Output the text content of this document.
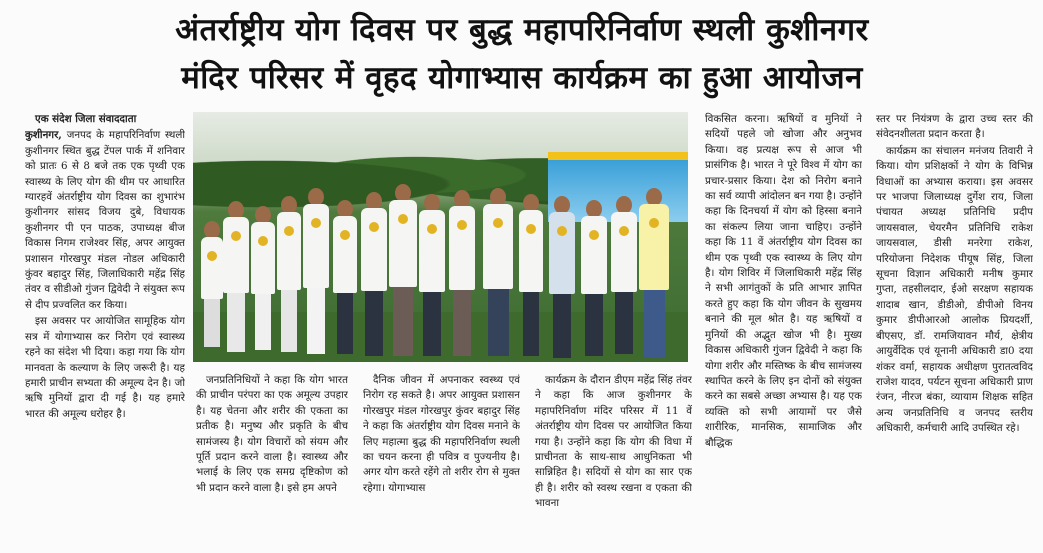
अंतर्राष्ट्रीय योग दिवस पर बुद्ध महापरिनिर्वाण स्थली कुशीनगर
मंदिर परिसर में वृहद योगाभ्यास कार्यक्रम का हुआ आयोजन

एक संदेश जिला संवाददाता

कुशीनगर, जनपद के महापरिनिर्वाण स्थली कुशीनगर स्थित बुद्ध टेंपल पार्क में शनिवार को प्रातः 6 से 8 बजे तक एक पृथ्वी एक स्वास्थ्य के लिए योग की थीम पर आधारित ग्यारहवें अंतर्राष्ट्रीय योग दिवस का शुभारंभ कुशीनगर सांसद विजय दुबे, विधायक कुशीनगर पी एन पाठक, उपाध्यक्ष बीज विकास निगम राजेश्वर सिंह, अपर आयुक्त प्रशासन गोरखपुर मंडल नोडल अधिकारी कुंवर बहादुर सिंह, जिलाधिकारी महेंद्र सिंह तंवर व सीडीओ गुंजन द्विवेदी ने संयुक्त रूप से दीप प्रज्वलित कर किया।

इस अवसर पर आयोजित सामूहिक योग सत्र में योगाभ्यास कर निरोग एवं स्वास्थ्य रहने का संदेश भी दिया। कहा गया कि योग मानवता के कल्याण के लिए जरूरी है। यह हमारी प्राचीन सभ्यता की अमूल्य देन है। जो ऋषि मुनियों द्वारा दी गई है। यह हमारे भारत की अमूल्य धरोहर है।

जनप्रतिनिधियों ने कहा कि योग भारत की प्राचीन परंपरा का एक अमूल्य उपहार है। यह चेतना और शरीर की एकता का प्रतीक है। मनुष्य और प्रकृति के बीच सामंजस्य है। योग विचारों को संयम और पूर्ति प्रदान करने वाला है। स्वास्थ्य और भलाई के लिए एक समग्र दृष्टिकोण को भी प्रदान करने वाला है। इसे हम अपने

दैनिक जीवन में अपनाकर स्वस्थ्य एवं निरोग रह सकते है। अपर आयुक्त प्रशासन गोरखपुर मंडल गोरखपुर कुंवर बहादुर सिंह ने कहा कि अंतर्राष्ट्रीय योग दिवस मनाने के लिए महात्मा बुद्ध की महापरिनिर्वाण स्थली का चयन करना ही पवित्र व पुज्यनीय है। अगर योग करते रहेंगे तो शरीर रोग से मुक्त रहेगा। योगाभ्यास

कार्यक्रम के दौरान डीएम महेंद्र सिंह तंवर ने कहा कि आज कुशीनगर के महापरिनिर्वाण मंदिर परिसर में 11 वें अंतर्राष्ट्रीय योग दिवस पर आयोजित किया गया है। उन्होंने कहा कि योग की विधा में प्राचीनता के साथ-साथ आधुनिकता भी सान्निहित है। सदियों से योग का सार एक ही है। शरीर को स्वस्थ रखना व एकता की भावना

विकसित करना। ऋषियों व मुनियों ने सदियों पहले जो खोजा और अनुभव किया। वह प्रत्यक्ष रूप से आज भी प्रासंगिक है। भारत ने पूरे विश्व में योग का प्रचार-प्रसार किया। देश को निरोग बनाने का सर्व व्यापी आंदोलन बन गया है। उन्होंने कहा कि दिनचर्या में योग को हिस्सा बनाने का संकल्प लिया जाना चाहिए। उन्होंने कहा कि 11 वें अंतर्राष्ट्रीय योग दिवस का थीम एक पृथ्वी एक स्वास्थ्य के लिए योग है। योग शिविर में जिलाधिकारी महेंद्र सिंह ने सभी आगंतुकों के प्रति आभार ज्ञापित करते हुए कहा कि योग जीवन के सुखमय बनाने की मूल श्रोत है। यह ऋषियों व मुनियों की अद्भुत खोज भी है। मुख्य विकास अधिकारी गुंजन द्विवेदी ने कहा कि योगा शरीर और मस्तिष्क के बीच सामंजस्य स्थापित करने के लिए इन दोनों को संयुक्त करने का सबसे अच्छा अभ्यास है। यह एक व्यक्ति को सभी आयामों पर जैसे शारीरिक, मानसिक, सामाजिक और बौद्धिक

स्तर पर नियंत्रण के द्वारा उच्च स्तर की संवेदनशीलता प्रदान करता है।

कार्यक्रम का संचालन मनंजय तिवारी ने किया। योग प्रशिक्षकों ने योग के विभिन्न विधाओं का अभ्यास कराया। इस अवसर पर भाजपा जिलाध्यक्ष दुर्गेश राय, जिला पंचायत अध्यक्ष प्रतिनिधि प्रदीप जायसवाल, चेयरमैन प्रतिनिधि राकेश जायसवाल, डीसी मनरेगा राकेश, परियोजना निदेशक पीयूष सिंह, जिला सूचना विज्ञान अधिकारी मनीष कुमार गुप्ता, तहसीलदार, ईओ सरक्षण सहायक शादाब खान, डीडीओ, डीपीओ विनय कुमार डीपीआरओ आलोक प्रियदर्शी, बीएसए, डॉ. रामजियावन मौर्य, क्षेत्रीय आयुर्वेदिक एवं यूनानी अधिकारी डा0 दया शंकर वर्मा, सहायक अधीक्षण पुरातत्वविद राजेश यादव, पर्यटन सूचना अधिकारी प्राण रंजन, नीरज बंका, व्यायाम शिक्षक सहित अन्य जनप्रतिनिधि व जनपद स्तरीय अधिकारी, कर्मचारी आदि उपस्थित रहे।
